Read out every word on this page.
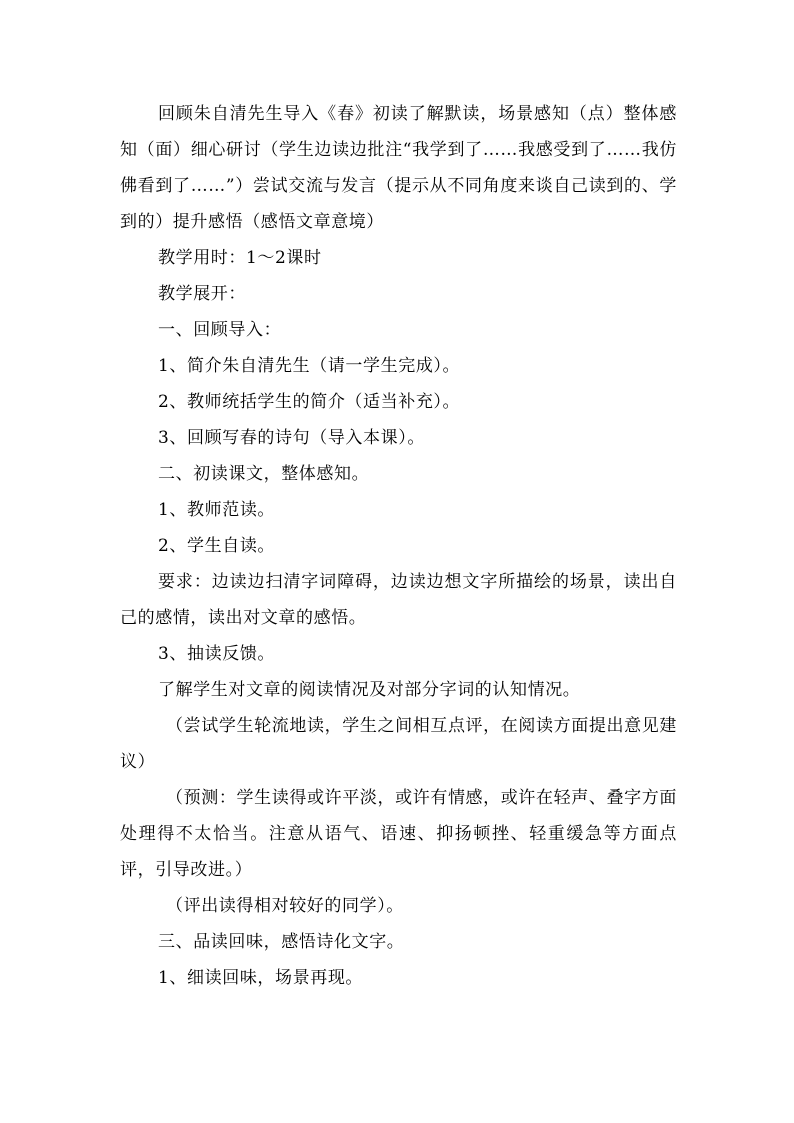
回顾朱自清先生导入《春》初读了解默读，场景感知（点）整体感知（面）细心研讨（学生边读边批注“我学到了……我感受到了……我仿佛看到了……”）尝试交流与发言（提示从不同角度来谈自己读到的、学到的）提升感悟（感悟文章意境）

教学用时：1～2课时

教学展开：

一、回顾导入：

1、简介朱自清先生（请一学生完成）。

2、教师统括学生的简介（适当补充）。

3、回顾写春的诗句（导入本课）。

二、初读课文，整体感知。

1、教师范读。

2、学生自读。

要求：边读边扫清字词障碍，边读边想文字所描绘的场景，读出自己的感情，读出对文章的感悟。

3、抽读反馈。

了解学生对文章的阅读情况及对部分字词的认知情况。

（尝试学生轮流地读，学生之间相互点评，在阅读方面提出意见建议）

（预测：学生读得或许平淡，或许有情感，或许在轻声、叠字方面处理得不太恰当。注意从语气、语速、抑扬顿挫、轻重缓急等方面点评，引导改进。）

（评出读得相对较好的同学）。

三、品读回味，感悟诗化文字。

1、细读回味，场景再现。
